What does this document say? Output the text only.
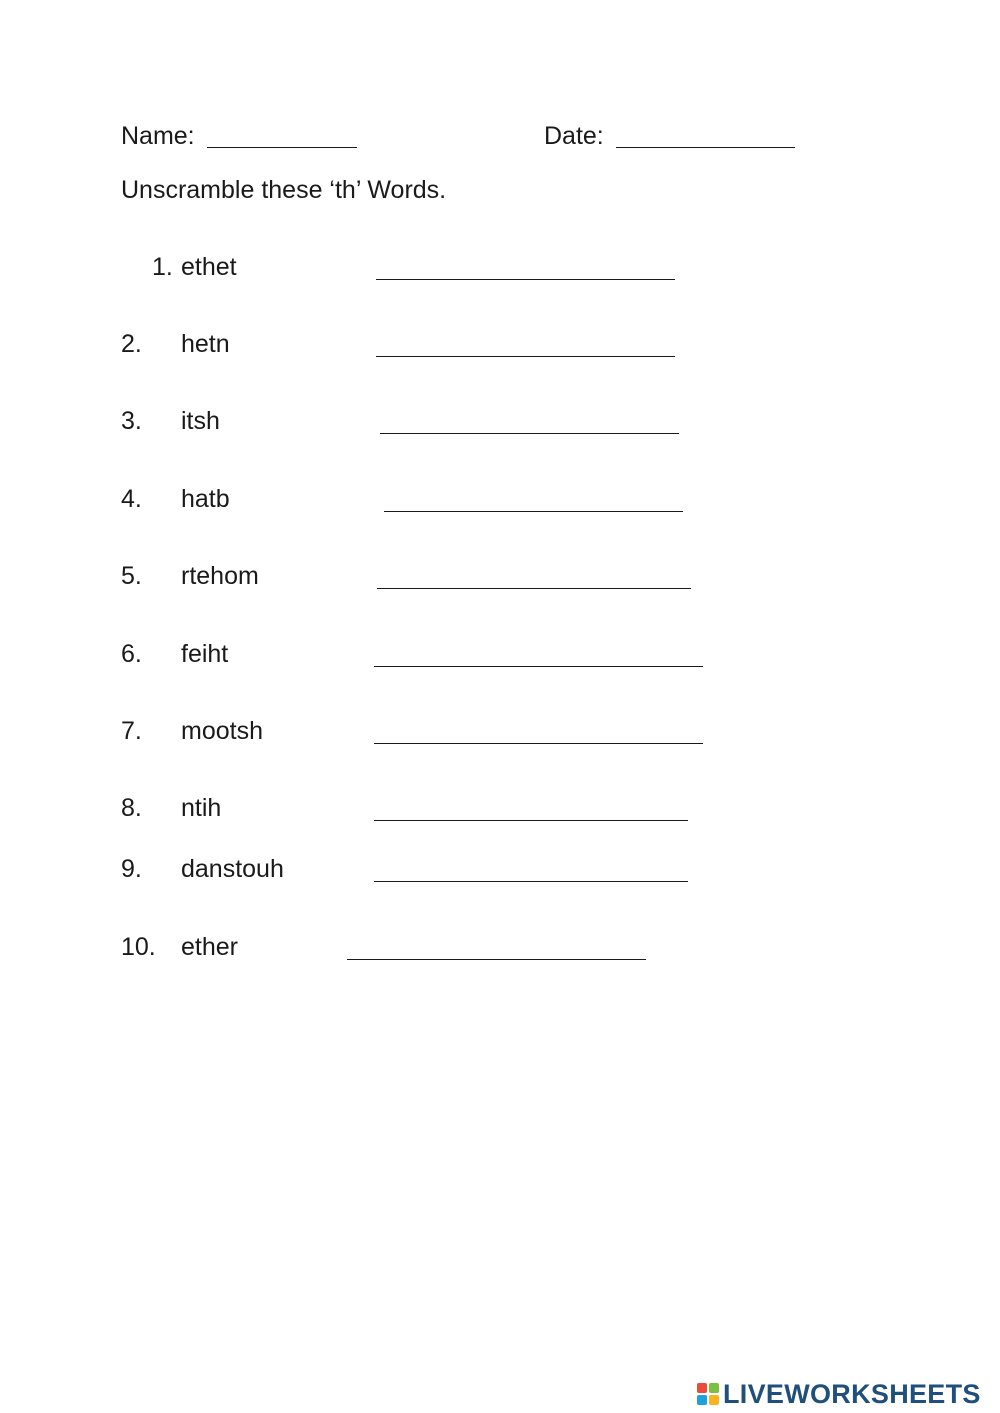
Name:	Date:
Unscramble these ‘th’ Words.
1. ethet
2. hetn
3. itsh
4. hatb
5. rtehom
6. feiht
7. mootsh
8. ntih
9. danstouh
10. ether
LIVEWORKSHEETS
